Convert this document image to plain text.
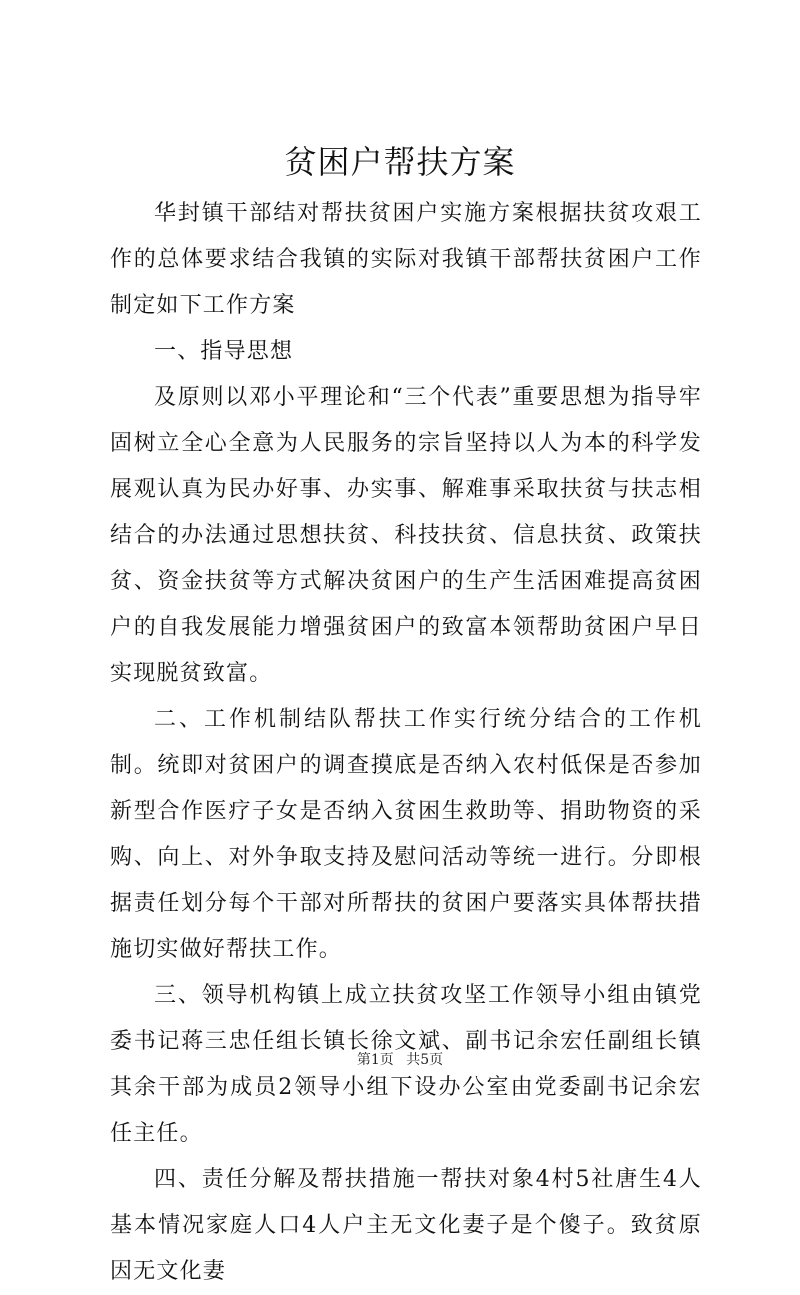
贫困户帮扶方案

华封镇干部结对帮扶贫困户实施方案根据扶贫攻艰工作的总体要求结合我镇的实际对我镇干部帮扶贫困户工作制定如下工作方案

一、指导思想

及原则以邓小平理论和“三个代表”重要思想为指导牢固树立全心全意为人民服务的宗旨坚持以人为本的科学发展观认真为民办好事、办实事、解难事采取扶贫与扶志相结合的办法通过思想扶贫、科技扶贫、信息扶贫、政策扶贫、资金扶贫等方式解决贫困户的生产生活困难提高贫困户的自我发展能力增强贫困户的致富本领帮助贫困户早日实现脱贫致富。

二、工作机制结队帮扶工作实行统分结合的工作机制。统即对贫困户的调查摸底是否纳入农村低保是否参加新型合作医疗子女是否纳入贫困生救助等、捐助物资的采购、向上、对外争取支持及慰问活动等统一进行。分即根据责任划分每个干部对所帮扶的贫困户要落实具体帮扶措施切实做好帮扶工作。

三、领导机构镇上成立扶贫攻坚工作领导小组由镇党委书记蒋三忠任组长镇长徐文斌、副书记余宏任副组长镇其余干部为成员2领导小组下设办公室由党委副书记余宏任主任。

四、责任分解及帮扶措施一帮扶对象4村5社唐生4人基本情况家庭人口4人户主无文化妻子是个傻子。致贫原因无文化妻

第1页 共5页
